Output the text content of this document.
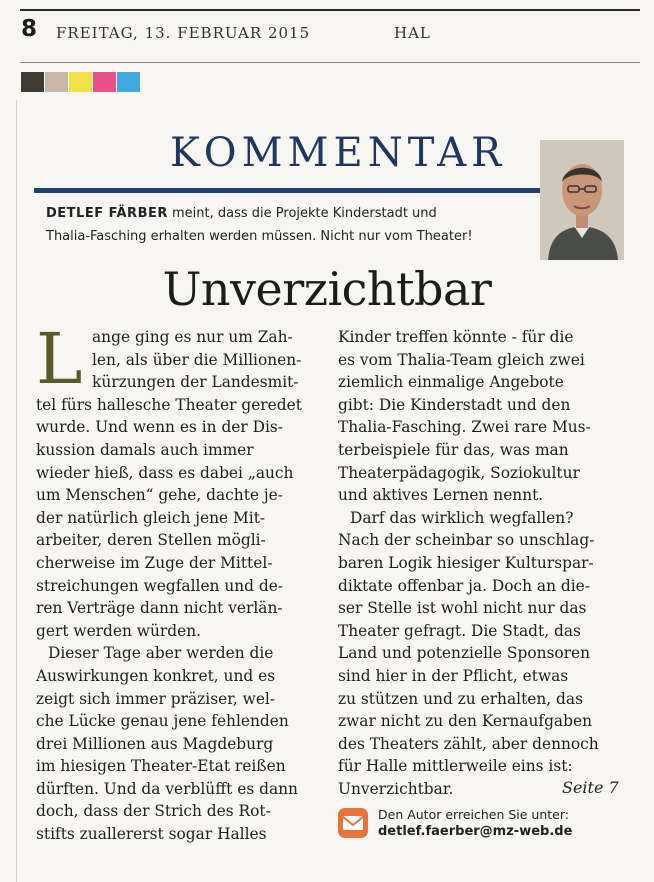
8 FREITAG, 13. FEBRUAR 2015	HAL
KOMMENTAR
DETLEF FÄRBER meint, dass die Projekte Kinderstadt und
Thalia-Fasching erhalten werden müssen. Nicht nur vom Theater!
Unverzichtbar
L ange ging es nur um Zah-
len, als über die Millionen-
kürzungen der Landesmit-
tel fürs hallesche Theater geredet
wurde. Und wenn es in der Dis-
kussion damals auch immer
wieder hieß, dass es dabei „auch
um Menschen“ gehe, dachte je-
der natürlich gleich jene Mit-
arbeiter, deren Stellen mögli-
cherweise im Zuge der Mittel-
streichungen wegfallen und de-
ren Verträge dann nicht verlän-
gert werden würden.
Dieser Tage aber werden die
Auswirkungen konkret, und es
zeigt sich immer präziser, wel-
che Lücke genau jene fehlenden
drei Millionen aus Magdeburg
im hiesigen Theater-Etat reißen
dürften. Und da verblüfft es dann
doch, dass der Strich des Rot-
stifts zuallererst sogar Halles
Kinder treffen könnte - für die
es vom Thalia-Team gleich zwei
ziemlich einmalige Angebote
gibt: Die Kinderstadt und den
Thalia-Fasching. Zwei rare Mus-
terbeispiele für das, was man
Theaterpädagogik, Soziokultur
und aktives Lernen nennt.
Darf das wirklich wegfallen?
Nach der scheinbar so unschlag-
baren Logik hiesiger Kulturspar-
diktate offenbar ja. Doch an die-
ser Stelle ist wohl nicht nur das
Theater gefragt. Die Stadt, das
Land und potenzielle Sponsoren
sind hier in der Pflicht, etwas
zu stützen und zu erhalten, das
zwar nicht zu den Kernaufgaben
des Theaters zählt, aber dennoch
für Halle mittlerweile eins ist:
Unverzichtbar.	Seite 7
Den Autor erreichen Sie unter:
detlef.faerber@mz-web.de
